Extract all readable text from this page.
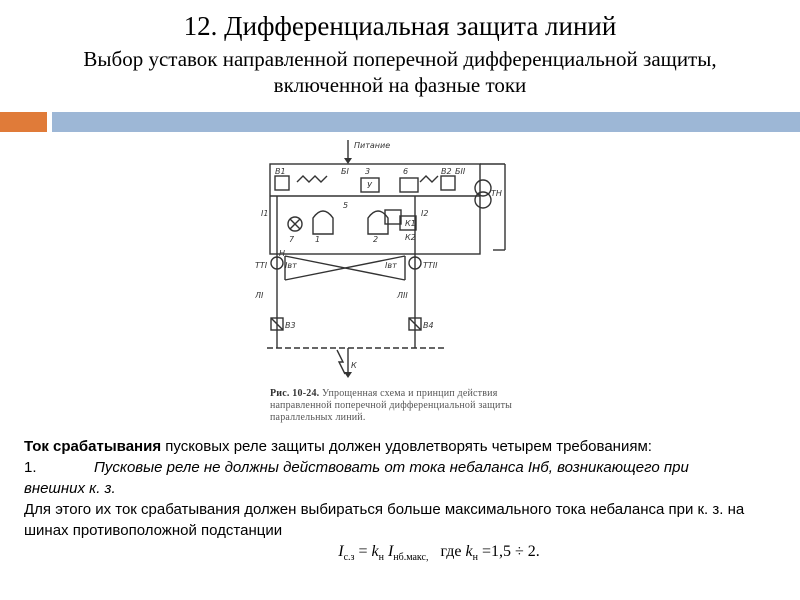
12. Дифференциальная защита линий
Выбор уставок направленной поперечной дифференциальной защиты,
включенной на фазные токи
Питание
ТН
В1	В2
БI	БII
3	6
5
1	2
7
У
К1
К2
I1	I2
ТТI	ТТII
Iвт	Iвт
ЛI	ЛII
В3	В4
К
Н
Рис. 10-24. Упрощенная схема и принцип действия направленной поперечной дифференциальной защиты параллельных линий.

Ток срабатывания пусковых реле защиты должен удовлетворять четырем требованиям:

1.	Пусковые реле не должны действовать от тока небаланса Iнб, возникающего при

внешних к. з.

Для этого их ток срабатывания должен выбираться больше максимального тока небаланса при к. з. на шинах противоположной подстанции

$I_{с.з} = k_н$ $I_{нб.макс,}$ где $k_н =1,5 \div 2$.
